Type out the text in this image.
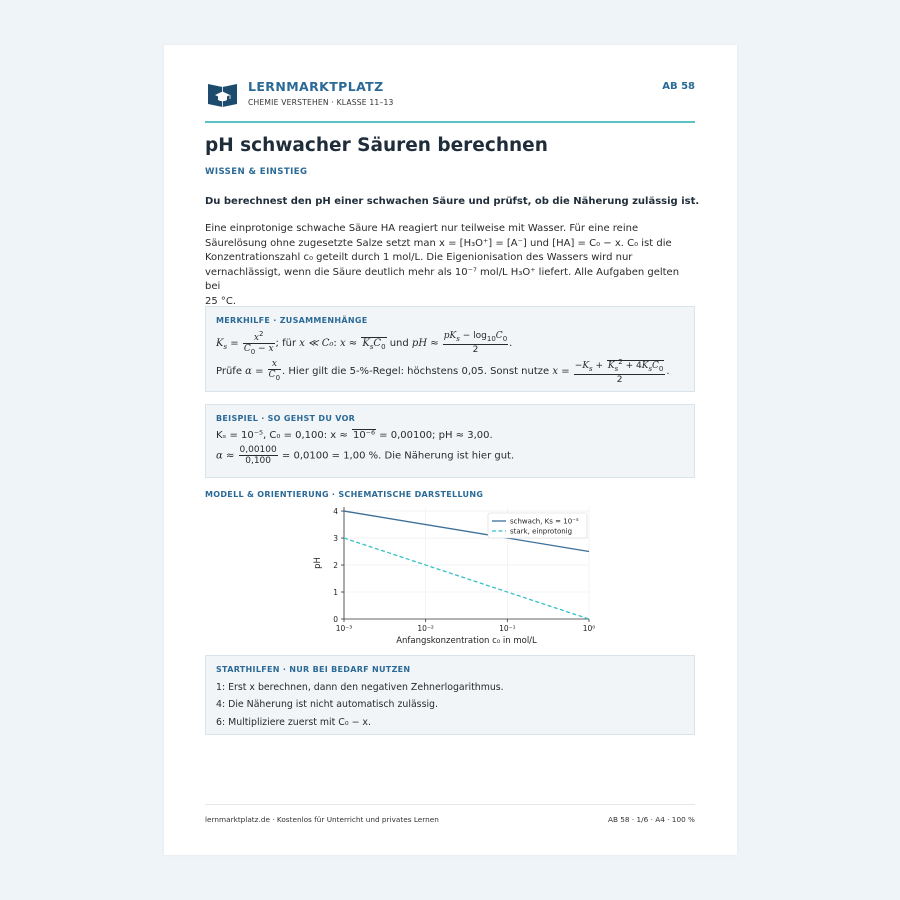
LERNMARKTPLATZ
CHEMIE VERSTEHEN · KLASSE 11–13
AB 58
pH schwacher Säuren berechnen
WISSEN & EINSTIEG
Du berechnest den pH einer schwachen Säure und prüfst, ob die Näherung zulässig ist.
Eine einprotonige schwache Säure HA reagiert nur teilweise mit Wasser. Für eine reine
Säurelösung ohne zugesetzte Salze setzt man x = [H₃O⁺] = [A⁻] und [HA] = C₀ − x. C₀ ist die
Konzentrationszahl c₀ geteilt durch 1 mol/L. Die Eigenionisation des Wassers wird nur
vernachlässigt, wenn die Säure deutlich mehr als 10⁻⁷ mol/L H₃O⁺ liefert. Alle Aufgaben gelten bei
25 °C.
MERKHILFE · ZUSAMMENHÄNGE
$K_s = \frac{x^2}{C_0 - x}$ ; für x ≪ C₀: $x \approx K_sC_0$ und pH ≈ $\frac{pK_s - \log_{10}C_0}{2}$ .
Prüfe $\alpha = \frac{x}{C_0}$ . Hier gilt die 5-%-Regel: höchstens 0,05. Sonst nutze $x = \frac{-K_s + K_s^2 + 4K_sC_0}{2}$ .
BEISPIEL · SO GEHST DU VOR
Kₛ = 10⁻⁵, C₀ = 0,100: x ≈ 10⁻⁶ = 0,00100; pH ≈ 3,00.
$\alpha \approx \frac{0,00100}{0,100} = 0,0100 = 1,00$ %. Die Näherung ist hier gut.
MODELL & ORIENTIERUNG · SCHEMATISCHE DARSTELLUNG
10⁻³	10⁻²	10⁻¹	10⁰
0
1
2
3
4
Anfangskonzentration c₀ in mol/L
pH
schwach, Ks = 10⁻⁵
stark, einprotonig
STARTHILFEN · NUR BEI BEDARF NUTZEN
1: Erst x berechnen, dann den negativen Zehnerlogarithmus.
4: Die Näherung ist nicht automatisch zulässig.
6: Multipliziere zuerst mit C₀ − x.
lernmarktplatz.de · Kostenlos für Unterricht und privates Lernen	AB 58 · 1/6 · A4 · 100 %
